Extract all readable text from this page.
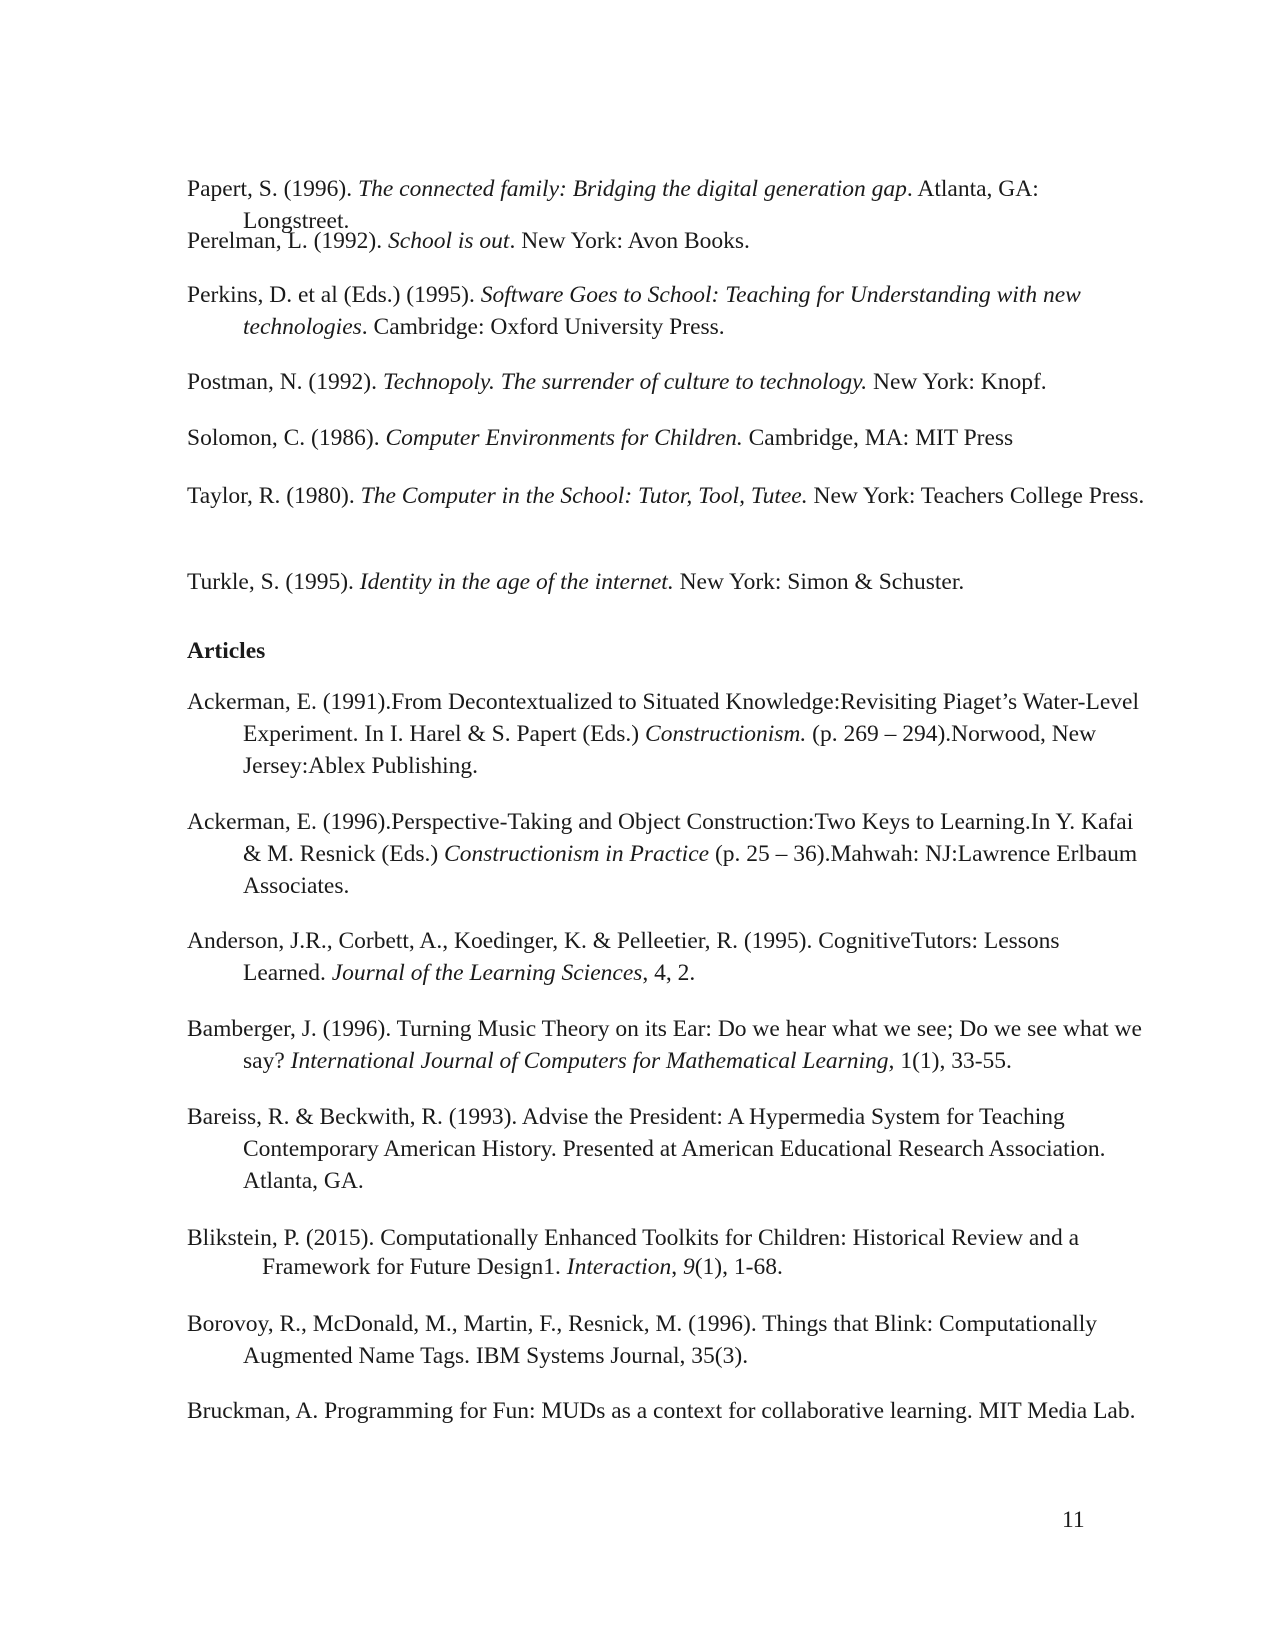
Papert, S. (1996). The connected family: Bridging the digital generation gap. Atlanta, GA: Longstreet.

Perelman, L. (1992). School is out. New York: Avon Books.

Perkins, D. et al (Eds.) (1995). Software Goes to School: Teaching for Understanding with new technologies. Cambridge: Oxford University Press.

Postman, N. (1992). Technopoly. The surrender of culture to technology. New York: Knopf.

Solomon, C. (1986). Computer Environments for Children. Cambridge, MA: MIT Press

Taylor, R. (1980). The Computer in the School: Tutor, Tool, Tutee. New York: Teachers College Press.

Turkle, S. (1995). Identity in the age of the internet. New York: Simon & Schuster.

Articles

Ackerman, E. (1991).From Decontextualized to Situated Knowledge:Revisiting Piaget’s Water-Level Experiment. In I. Harel & S. Papert (Eds.) Constructionism. (p. 269 – 294).Norwood, New Jersey:Ablex Publishing.

Ackerman, E. (1996).Perspective-Taking and Object Construction:Two Keys to Learning.In Y. Kafai & M. Resnick (Eds.) Constructionism in Practice (p. 25 – 36).Mahwah: NJ:Lawrence Erlbaum Associates.

Anderson, J.R., Corbett, A., Koedinger, K. & Pelleetier, R. (1995). CognitiveTutors: Lessons Learned. Journal of the Learning Sciences, 4, 2.

Bamberger, J. (1996). Turning Music Theory on its Ear: Do we hear what we see; Do we see what we say? International Journal of Computers for Mathematical Learning, 1(1), 33-55.

Bareiss, R. & Beckwith, R. (1993). Advise the President: A Hypermedia System for Teaching Contemporary American History. Presented at American Educational Research Association. Atlanta, GA.

Blikstein, P. (2015). Computationally Enhanced Toolkits for Children: Historical Review and a Framework for Future Design1. Interaction, 9(1), 1-68.

Borovoy, R., McDonald, M., Martin, F., Resnick, M. (1996). Things that Blink: Computationally Augmented Name Tags. IBM Systems Journal, 35(3).

Bruckman, A. Programming for Fun: MUDs as a context for collaborative learning. MIT Media Lab.

11
